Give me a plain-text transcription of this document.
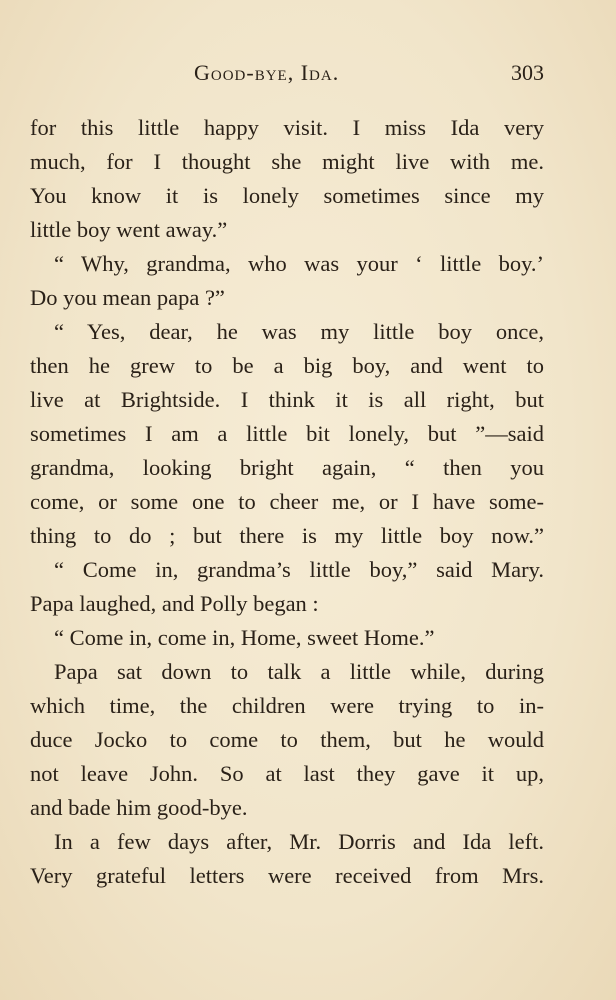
Good-bye, Ida.	303
for this little happy visit. I miss Ida very
much, for I thought she might live with me.
You know it is lonely sometimes since my
little boy went away.”
“ Why, grandma, who was your ‘ little boy.’
Do you mean papa ?”
“ Yes, dear, he was my little boy once,
then he grew to be a big boy, and went to
live at Brightside. I think it is all right, but
sometimes I am a little bit lonely, but ”—said
grandma, looking bright again, “ then you
come, or some one to cheer me, or I have some-
thing to do ; but there is my little boy now.”
“ Come in, grandma’s little boy,” said Mary.
Papa laughed, and Polly began :
“ Come in, come in, Home, sweet Home.”
Papa sat down to talk a little while, during
which time, the children were trying to in-
duce Jocko to come to them, but he would
not leave John. So at last they gave it up,
and bade him good-bye.
In a few days after, Mr. Dorris and Ida left.
Very grateful letters were received from Mrs.
